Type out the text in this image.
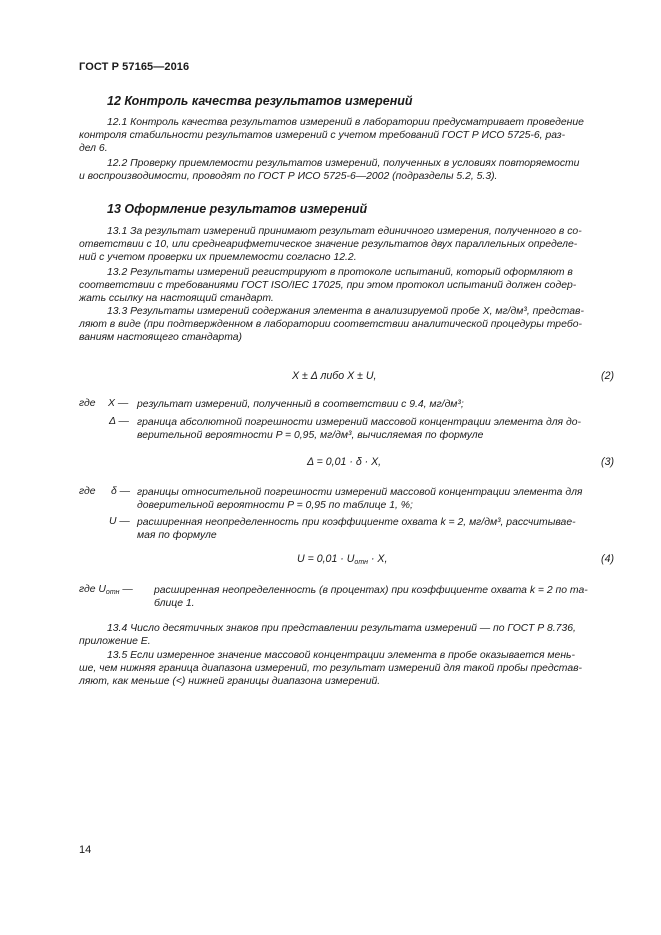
ГОСТ Р 57165—2016
12 Контроль качества результатов измерений
12.1 Контроль качества результатов измерений в лаборатории предусматривает проведение
контроля стабильности результатов измерений с учетом требований ГОСТ Р ИСО 5725-6, раз-
дел 6.
12.2 Проверку приемлемости результатов измерений, полученных в условиях повторяемости
и воспроизводимости, проводят по ГОСТ Р ИСО 5725-6—2002 (подразделы 5.2, 5.3).
13 Оформление результатов измерений
13.1 За результат измерений принимают результат единичного измерения, полученного в со-
ответствии с 10, или среднеарифметическое значение результатов двух параллельных определе-
ний с учетом проверки их приемлемости согласно 12.2.
13.2 Результаты измерений регистрируют в протоколе испытаний, который оформляют в
соответствии с требованиями ГОСТ ISO/IEC 17025, при этом протокол испытаний должен содер-
жать ссылку на настоящий стандарт.
13.3 Результаты измерений содержания элемента в анализируемой пробе X, мг/дм³, представ-
ляют в виде (при подтвержденном в лаборатории соответствии аналитической процедуры требо-
ваниям настоящего стандарта)
X ± Δ либо X ± U,	(2)
где X — результат измерений, полученный в соответствии с 9.4, мг/дм³;
Δ — граница абсолютной погрешности измерений массовой концентрации элемента для до-
верительной вероятности P = 0,95, мг/дм³, вычисляемая по формуле
Δ = 0,01 · δ · X,	(3)
где δ — границы относительной погрешности измерений массовой концентрации элемента для
доверительной вероятности P = 0,95 по таблице 1, %;
U — расширенная неопределенность при коэффициенте охвата k = 2, мг/дм³, рассчитывае-
мая по формуле
$U = 0,01 \cdot U_{отн} \cdot X$,	(4)
где $U_{отн}$ — расширенная неопределенность (в процентах) при коэффициенте охвата k = 2 по та-
блице 1.
13.4 Число десятичных знаков при представлении результата измерений — по ГОСТ Р 8.736,
приложение Е.
13.5 Если измеренное значение массовой концентрации элемента в пробе оказывается мень-
ше, чем нижняя граница диапазона измерений, то результат измерений для такой пробы представ-
ляют, как меньше (<) нижней границы диапазона измерений.
14
